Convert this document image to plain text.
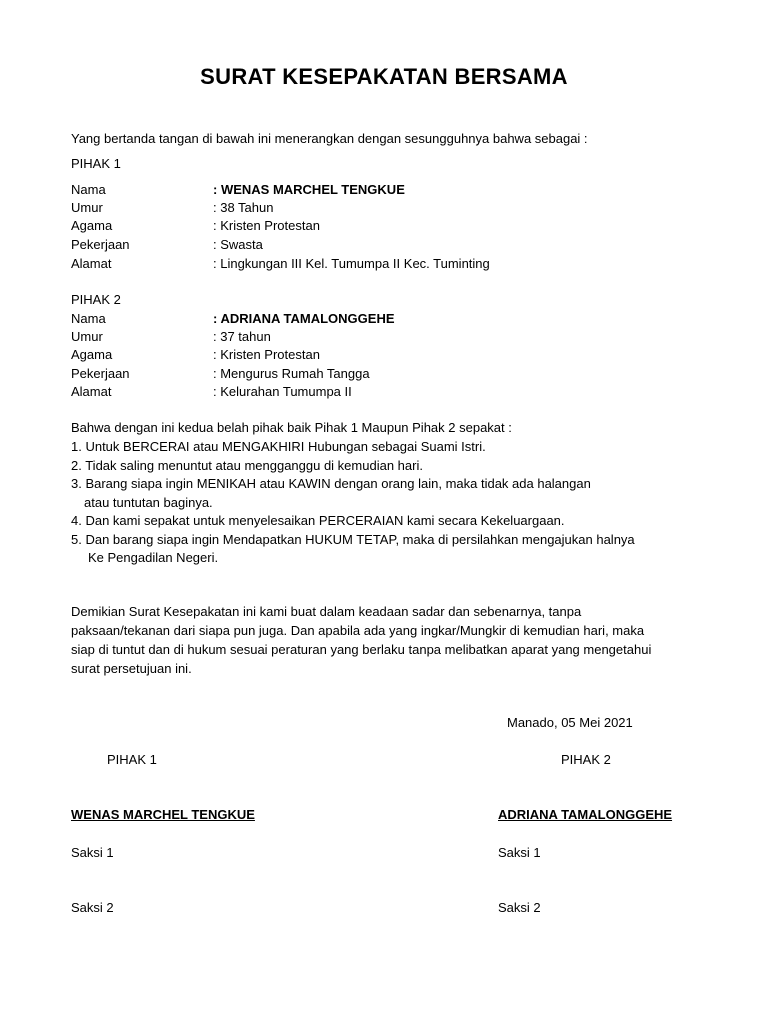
SURAT KESEPAKATAN BERSAMA
Yang bertanda tangan di bawah ini menerangkan dengan sesungguhnya bahwa sebagai :
PIHAK 1
Nama	: WENAS MARCHEL TENGKUE
Umur	: 38 Tahun
Agama	: Kristen Protestan
Pekerjaan	: Swasta
Alamat	: Lingkungan III Kel. Tumumpa II Kec. Tuminting
PIHAK 2
Nama	: ADRIANA TAMALONGGEHE
Umur	: 37 tahun
Agama	: Kristen Protestan
Pekerjaan	: Mengurus Rumah Tangga
Alamat	: Kelurahan Tumumpa II
Bahwa dengan ini kedua belah pihak baik Pihak 1 Maupun Pihak 2 sepakat :
1. Untuk BERCERAI atau MENGAKHIRI Hubungan sebagai Suami Istri.
2. Tidak saling menuntut atau mengganggu di kemudian hari.
3. Barang siapa ingin MENIKAH atau KAWIN dengan orang lain, maka tidak ada halangan
atau tuntutan baginya.
4. Dan kami sepakat untuk menyelesaikan PERCERAIAN kami secara Kekeluargaan.
5. Dan barang siapa ingin Mendapatkan HUKUM TETAP, maka di persilahkan mengajukan halnya
Ke Pengadilan Negeri.
Demikian Surat Kesepakatan ini kami buat dalam keadaan sadar dan sebenarnya, tanpa
paksaan/tekanan dari siapa pun juga. Dan apabila ada yang ingkar/Mungkir di kemudian hari, maka
siap di tuntut dan di hukum sesuai peraturan yang berlaku tanpa melibatkan aparat yang mengetahui
surat persetujuan ini.
Manado, 05 Mei 2021
PIHAK 1	PIHAK 2
WENAS MARCHEL TENGKUE	ADRIANA TAMALONGGEHE
Saksi 1	Saksi 1
Saksi 2	Saksi 2
